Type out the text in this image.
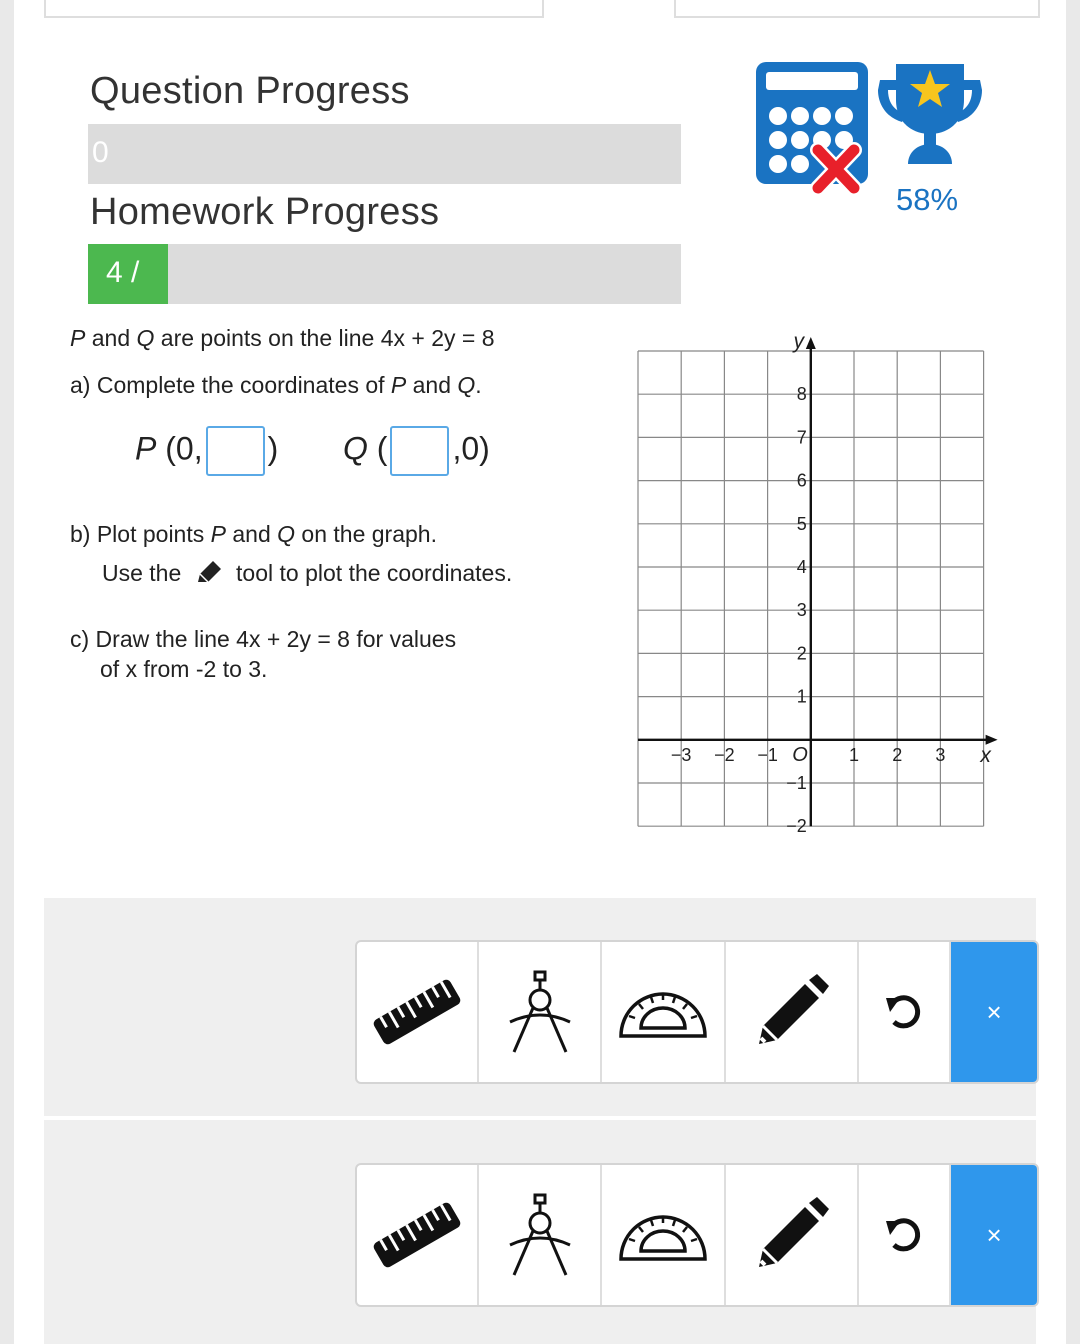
Question Progress
0
Homework Progress
4 /
58%
P and Q are points on the line 4x + 2y = 8
a) Complete the coordinates of P and Q.
P (0, ) Q ( ,0)
b) Plot points P and Q on the graph.
Use the  tool to plot the coordinates.
c) Draw the line 4x + 2y = 8 for values
of x from -2 to 3.
−3 −2 −1	1 2 3
−2
−1
1
2
3
4
5
6
7
8
O	x
y
×
×
